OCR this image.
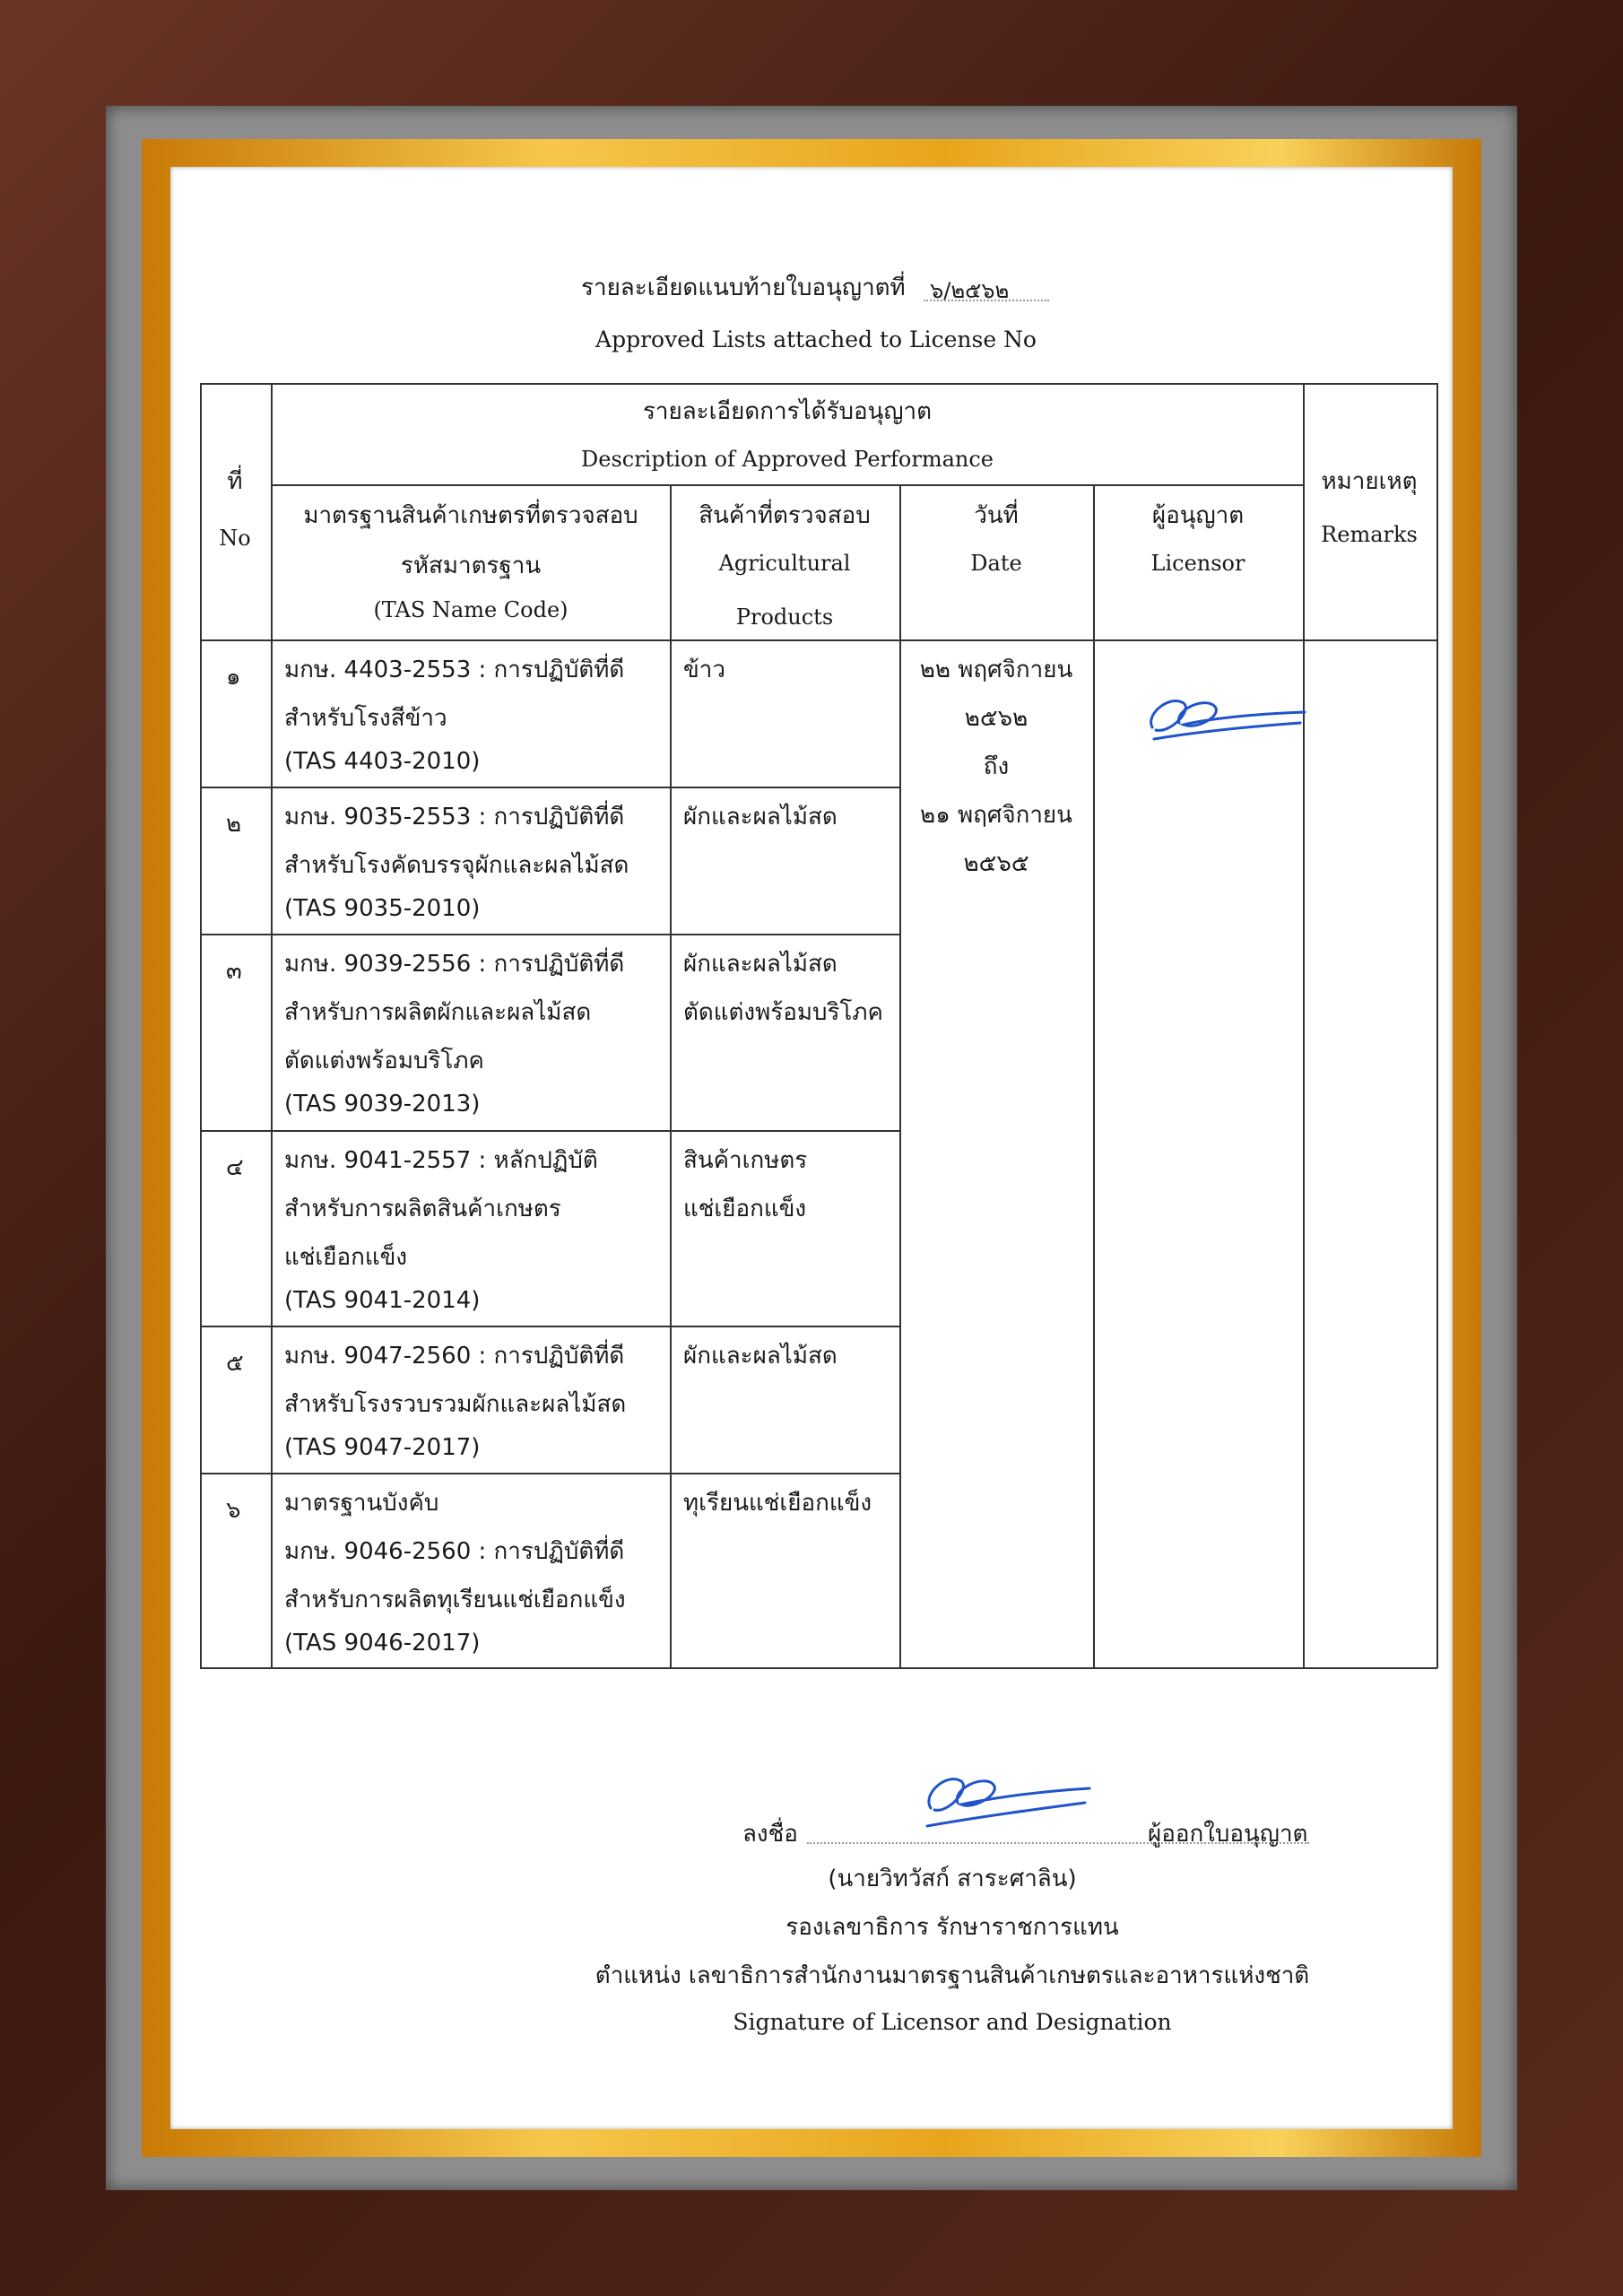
รายละเอียดแนบท้ายใบอนุญาตที่ ๖/๒๕๖๒
Approved Lists attached to License No
ที่
No
รายละเอียดการได้รับอนุญาต
Description of Approved Performance
มาตรฐานสินค้าเกษตรที่ตรวจสอบ
รหัสมาตรฐาน
(TAS Name Code)
สินค้าที่ตรวจสอบ
Agricultural
Products
วันที่
Date
ผู้อนุญาต
Licensor
หมายเหตุ
Remarks
๑ มกษ. 4403-2553 : การปฏิบัติที่ดี
สำหรับโรงสีข้าว
(TAS 4403-2010)
ข้าว
๒ มกษ. 9035-2553 : การปฏิบัติที่ดี
สำหรับโรงคัดบรรจุผักและผลไม้สด
(TAS 9035-2010)
ผักและผลไม้สด
๓ มกษ. 9039-2556 : การปฏิบัติที่ดี
สำหรับการผลิตผักและผลไม้สด
ตัดแต่งพร้อมบริโภค
(TAS 9039-2013)
ผักและผลไม้สด
ตัดแต่งพร้อมบริโภค
๔ มกษ. 9041-2557 : หลักปฏิบัติ
สำหรับการผลิตสินค้าเกษตร
แช่เยือกแข็ง
(TAS 9041-2014)
สินค้าเกษตร
แช่เยือกแข็ง
๕ มกษ. 9047-2560 : การปฏิบัติที่ดี
สำหรับโรงรวบรวมผักและผลไม้สด
(TAS 9047-2017)
ผักและผลไม้สด
๖ มาตรฐานบังคับ
มกษ. 9046-2560 : การปฏิบัติที่ดี
สำหรับการผลิตทุเรียนแช่เยือกแข็ง
(TAS 9046-2017)
ทุเรียนแช่เยือกแข็ง
๒๒ พฤศจิกายน
๒๕๖๒
ถึง
๒๑ พฤศจิกายน
๒๕๖๕
ลงชื่อ	ผู้ออกใบอนุญาต
(นายวิทวัสก์ สาระศาลิน)
รองเลขาธิการ รักษาราชการแทน
ตำแหน่ง เลขาธิการสำนักงานมาตรฐานสินค้าเกษตรและอาหารแห่งชาติ
Signature of Licensor and Designation
